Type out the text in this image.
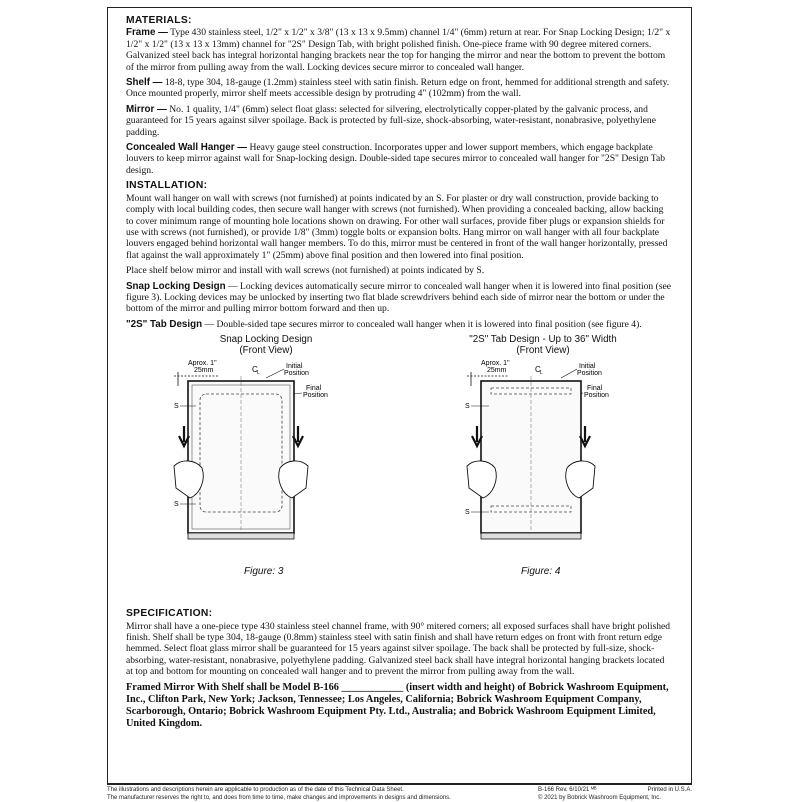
MATERIALS:

Frame — Type 430 stainless steel, 1/2" x 1/2" x 3/8" (13 x 13 x 9.5mm) channel 1/4" (6mm) return at rear. For Snap Locking Design; 1/2" x 1/2" x 1/2" (13 x 13 x 13mm) channel for "2S" Design Tab, with bright polished finish. One-piece frame with 90 degree mitered corners. Galvanized steel back has integral horizontal hanging brackets near the top for hanging the mirror and near the bottom to prevent the bottom of the mirror from pulling away from the wall. Locking devices secure mirror to concealed wall hanger.

Shelf — 18-8, type 304, 18-gauge (1.2mm) stainless steel with satin finish. Return edge on front, hemmed for additional strength and safety. Once mounted properly, mirror shelf meets accessible design by protruding 4" (102mm) from the wall.

Mirror — No. 1 quality, 1/4" (6mm) select float glass: selected for silvering, electrolytically copper-plated by the galvanic process, and guaranteed for 15 years against silver spoilage. Back is protected by full-size, shock-absorbing, water-resistant, nonabrasive, polyethylene padding.

Concealed Wall Hanger — Heavy gauge steel construction. Incorporates upper and lower support members, which engage backplate louvers to keep mirror against wall for Snap-locking design. Double-sided tape secures mirror to concealed wall hanger for "2S" Design Tab design.

INSTALLATION:

Mount wall hanger on wall with screws (not furnished) at points indicated by an S. For plaster or dry wall construction, provide backing to comply with local building codes, then secure wall hanger with screws (not furnished). When providing a concealed backing, allow backing to cover minimum range of mounting hole locations shown on drawing. For other wall surfaces, provide fiber plugs or expansion shields for use with screws (not furnished), or provide 1/8" (3mm) toggle bolts or expansion bolts. Hang mirror on wall hanger with all four backplate louvers engaged behind horizontal wall hanger members. To do this, mirror must be centered in front of the wall hanger horizontally, pressed flat against the wall approximately 1" (25mm) above final position and then lowered into final position.

Place shelf below mirror and install with wall screws (not furnished) at points indicated by S.

Snap Locking Design — Locking devices automatically secure mirror to concealed wall hanger when it is lowered into final position (see figure 3). Locking devices may be unlocked by inserting two flat blade screwdrivers behind each side of mirror near the bottom or under the bottom of the mirror and pulling mirror bottom forward and then up.

"2S" Tab Design — Double-sided tape secures mirror to concealed wall hanger when it is lowered into final position (see figure 4).

Snap Locking Design
(Front View)
Aprox. 1"
25mm	C L
Initial
Position
Final
Position
S
S
Figure: 3
"2S" Tab Design - Up to 36" Width
(Front View)
Aprox. 1"
25mm	C L
Initial
Position
Final
Position
S
S
Figure: 4
SPECIFICATION:

Mirror shall have a one-piece type 430 stainless steel channel frame, with 90° mitered corners; all exposed surfaces shall have bright polished finish. Shelf shall be type 304, 18-gauge (0.8mm) stainless steel with satin finish and shall have return edges on front with front return edge hemmed. Select float glass mirror shall be guaranteed for 15 years against silver spoilage. The back shall be protected by full-size, shock-absorbing, water-resistant, nonabrasive, polyethylene padding. Galvanized steel back shall have integral horizontal hanging brackets located at top and bottom for mounting on concealed wall hanger and to prevent the mirror from pulling away from the wall.

Framed Mirror With Shelf shall be Model B-166 ____________ (insert width and height) of Bobrick Washroom Equipment, Inc., Clifton Park, New York; Jackson, Tennessee; Los Angeles, California; Bobrick Washroom Equipment Company, Scarborough, Ontario; Bobrick Washroom Equipment Pty. Ltd., Australia; and Bobrick Washroom Equipment Limited, United Kingdom.

The illustrations and descriptions herein are applicable to production as of the date of this Technical Data Sheet.
The manufacturer reserves the right to, and does from time to time, make changes and improvements in designs and dimensions.
B-166 Rev. 6/10/21 ᴹᴮ	Printed in U.S.A.
© 2021 by Bobrick Washroom Equipment, Inc.
